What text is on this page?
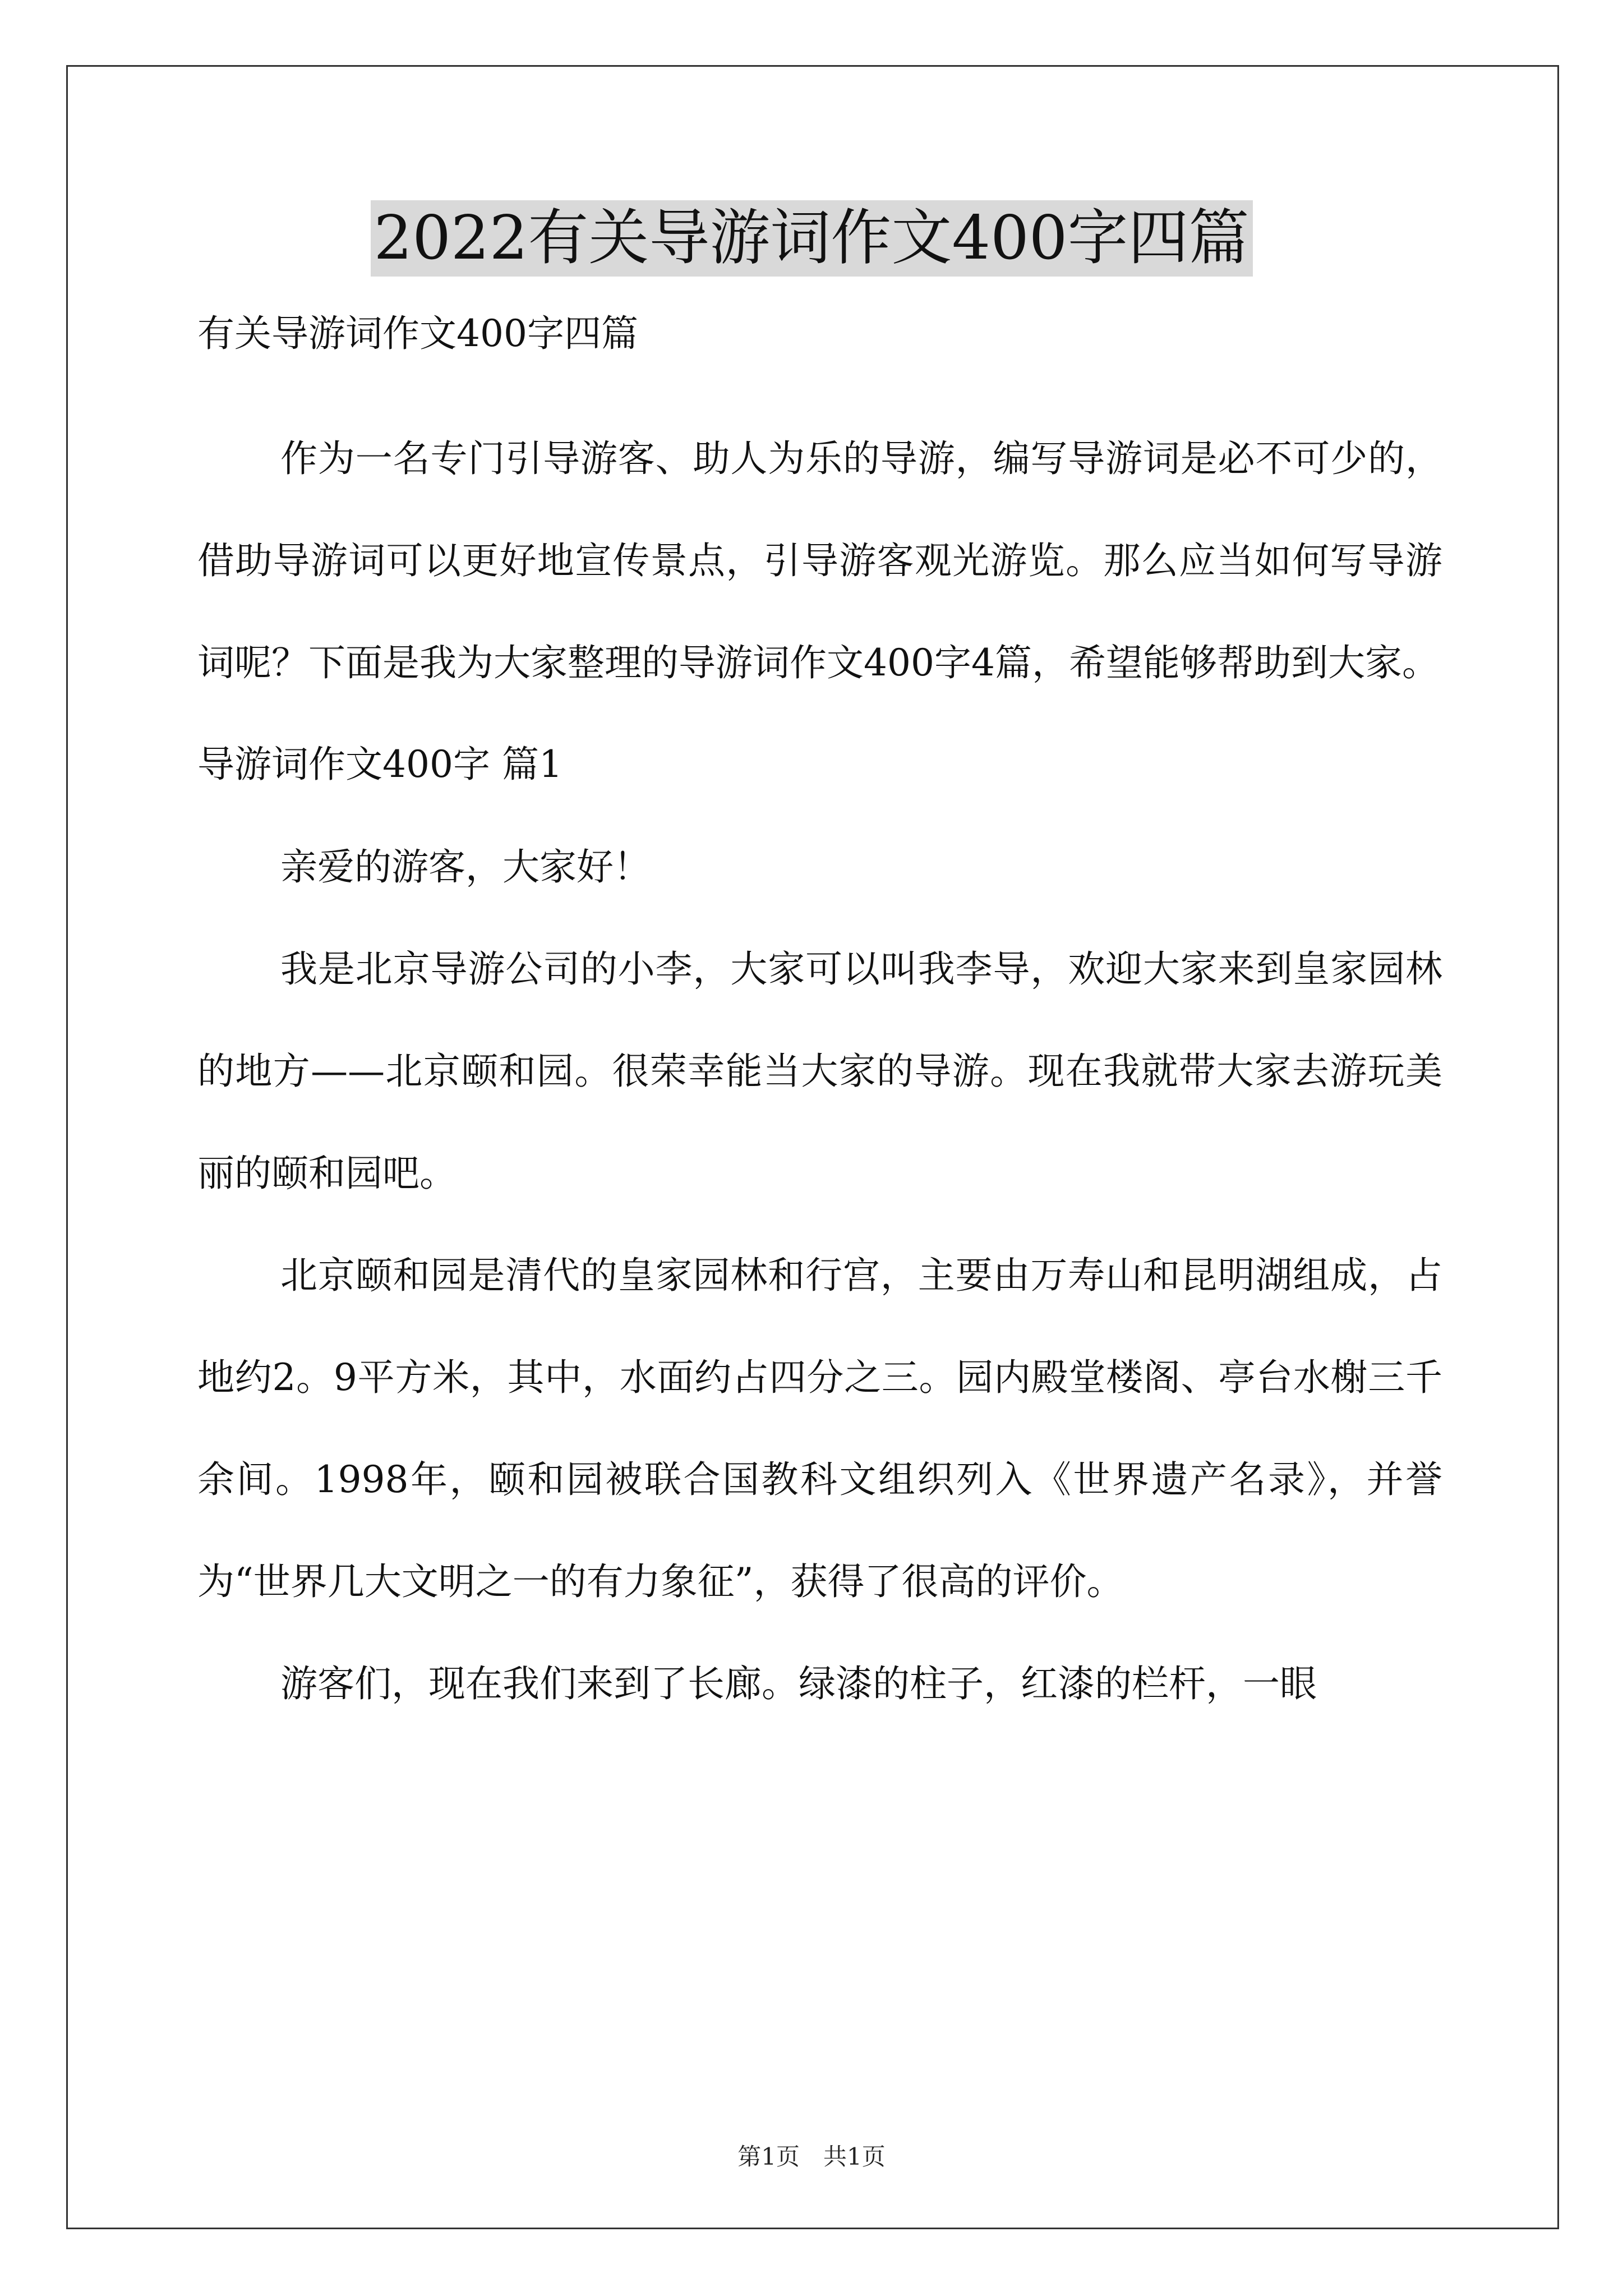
2022有关导游词作文400字四篇
有关导游词作文400字四篇

作为一名专门引导游客、助人为乐的导游，编写导游词是必不可少的，借助导游词可以更好地宣传景点，引导游客观光游览。那么应当如何写导游词呢？下面是我为大家整理的导游词作文400字4篇，希望能够帮助到大家。

导游词作文400字 篇1

亲爱的游客，大家好！

我是北京导游公司的小李，大家可以叫我李导，欢迎大家来到皇家园林的地方——北京颐和园。很荣幸能当大家的导游。现在我就带大家去游玩美丽的颐和园吧。

北京颐和园是清代的皇家园林和行宫，主要由万寿山和昆明湖组成，占地约2。9平方米，其中，水面约占四分之三。园内殿堂楼阁、亭台水榭三千余间。1998年，颐和园被联合国教科文组织列入《世界遗产名录》，并誉为“世界几大文明之一的有力象征”，获得了很高的评价。

游客们，现在我们来到了长廊。绿漆的柱子，红漆的栏杆，一眼

第1页　共1页
